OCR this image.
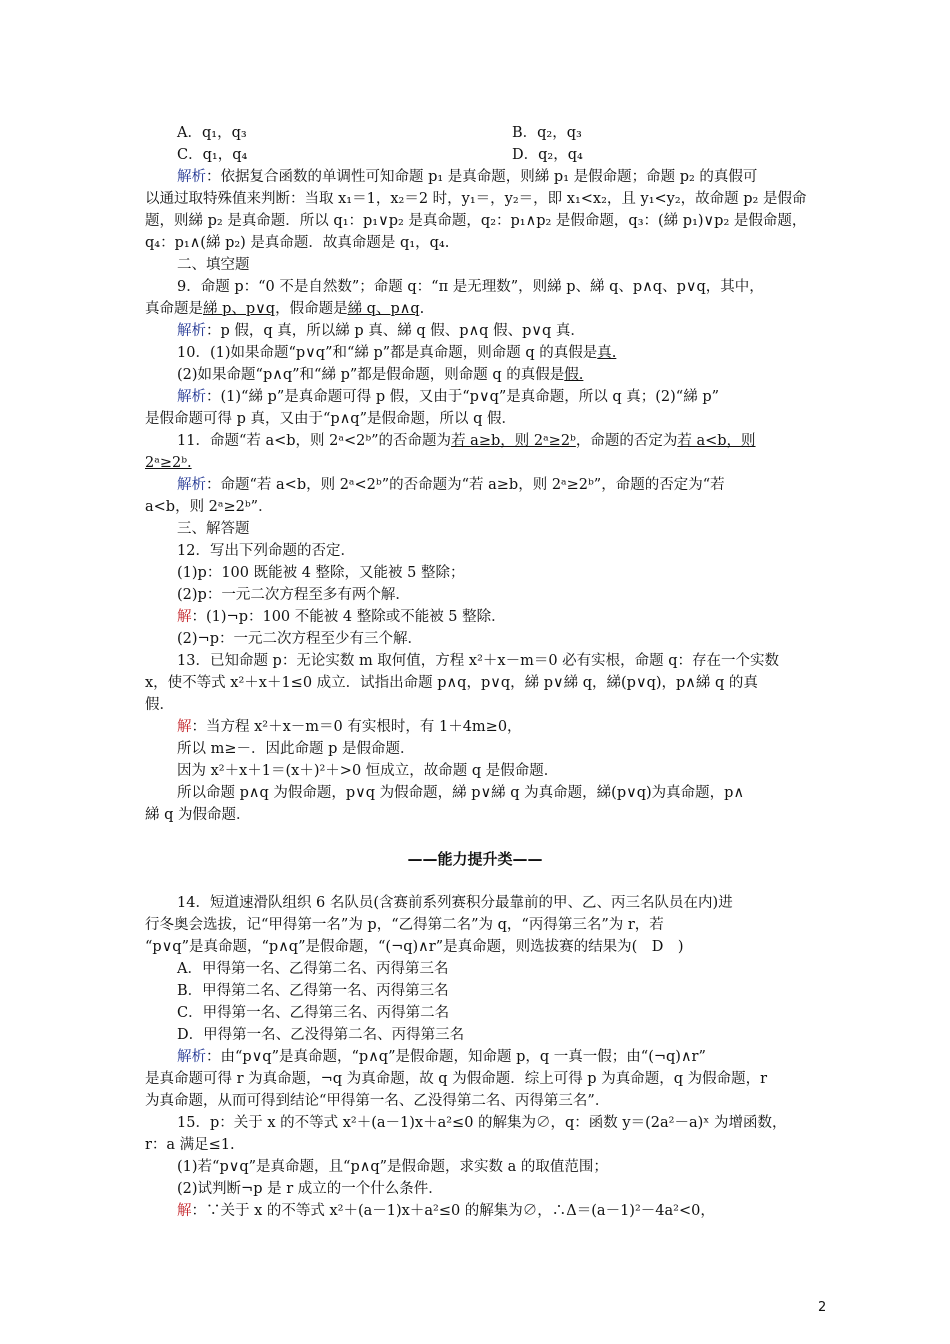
A．q₁，q₃	B．q₂，q₃
C．q₁，q₄	D．q₂，q₄
解析：依据复合函数的单调性可知命题 p₁ 是真命题，则綈 p₁ 是假命题；命题 p₂ 的真假可
以通过取特殊值来判断：当取 x₁＝1，x₂＝2 时，y₁＝，y₂＝，即 x₁<x₂，且 y₁<y₂，故命题 p₂ 是假命
题，则綈 p₂ 是真命题．所以 q₁：p₁∨p₂ 是真命题，q₂：p₁∧p₂ 是假命题，q₃：(綈 p₁)∨p₂ 是假命题，
q₄：p₁∧(綈 p₂) 是真命题．故真命题是 q₁，q₄.
二、填空题
9．命题 p：“0 不是自然数”；命题 q：“π 是无理数”，则綈 p、綈 q、p∧q、p∨q，其中，
真命题是綈 p、p∨q，假命题是綈 q、p∧q.
解析：p 假，q 真，所以綈 p 真、綈 q 假、p∧q 假、p∨q 真．
10．(1)如果命题“p∨q”和“綈 p”都是真命题，则命题 q 的真假是真.
(2)如果命题“p∧q”和“綈 p”都是假命题，则命题 q 的真假是假.
解析：(1)“綈 p”是真命题可得 p 假，又由于“p∨q”是真命题，所以 q 真；(2)“綈 p”
是假命题可得 p 真，又由于“p∧q”是假命题，所以 q 假．
11．命题“若 a<b，则 2ᵃ<2ᵇ”的否命题为若 a≥b，则 2ᵃ≥2ᵇ，命题的否定为若 a<b，则
2ᵃ≥2ᵇ.
解析：命题“若 a<b，则 2ᵃ<2ᵇ”的否命题为“若 a≥b，则 2ᵃ≥2ᵇ”，命题的否定为“若
a<b，则 2ᵃ≥2ᵇ”．
三、解答题
12．写出下列命题的否定．
(1)p：100 既能被 4 整除，又能被 5 整除；
(2)p：一元二次方程至多有两个解．
解：(1)¬p：100 不能被 4 整除或不能被 5 整除．
(2)¬p：一元二次方程至少有三个解．
13．已知命题 p：无论实数 m 取何值，方程 x²＋x－m＝0 必有实根，命题 q：存在一个实数
x，使不等式 x²＋x＋1≤0 成立．试指出命题 p∧q，p∨q，綈 p∨綈 q，綈(p∨q)，p∧綈 q 的真
假．
解：当方程 x²＋x－m＝0 有实根时，有 1＋4m≥0，
所以 m≥－．因此命题 p 是假命题．
因为 x²＋x＋1＝(x＋)²＋>0 恒成立，故命题 q 是假命题．
所以命题 p∧q 为假命题，p∨q 为假命题，綈 p∨綈 q 为真命题，綈(p∨q)为真命题，p∧
綈 q 为假命题．
——能力提升类——
14．短道速滑队组织 6 名队员(含赛前系列赛积分最靠前的甲、乙、丙三名队员在内)进
行冬奥会选拔，记“甲得第一名”为 p，“乙得第二名”为 q，“丙得第三名”为 r，若
“p∨q”是真命题，“p∧q”是假命题，“(¬q)∧r”是真命题，则选拔赛的结果为(　D　)
A．甲得第一名、乙得第二名、丙得第三名
B．甲得第二名、乙得第一名、丙得第三名
C．甲得第一名、乙得第三名、丙得第二名
D．甲得第一名、乙没得第二名、丙得第三名
解析：由“p∨q”是真命题，“p∧q”是假命题，知命题 p，q 一真一假；由“(¬q)∧r”
是真命题可得 r 为真命题，¬q 为真命题，故 q 为假命题．综上可得 p 为真命题，q 为假命题，r
为真命题，从而可得到结论“甲得第一名、乙没得第二名、丙得第三名”．
15．p：关于 x 的不等式 x²＋(a－1)x＋a²≤0 的解集为∅，q：函数 y＝(2a²－a)ˣ 为增函数，
r：a 满足≤1.
(1)若“p∨q”是真命题，且“p∧q”是假命题，求实数 a 的取值范围；
(2)试判断¬p 是 r 成立的一个什么条件．
解：∵关于 x 的不等式 x²＋(a－1)x＋a²≤0 的解集为∅，∴Δ＝(a－1)²－4a²<0，
2
